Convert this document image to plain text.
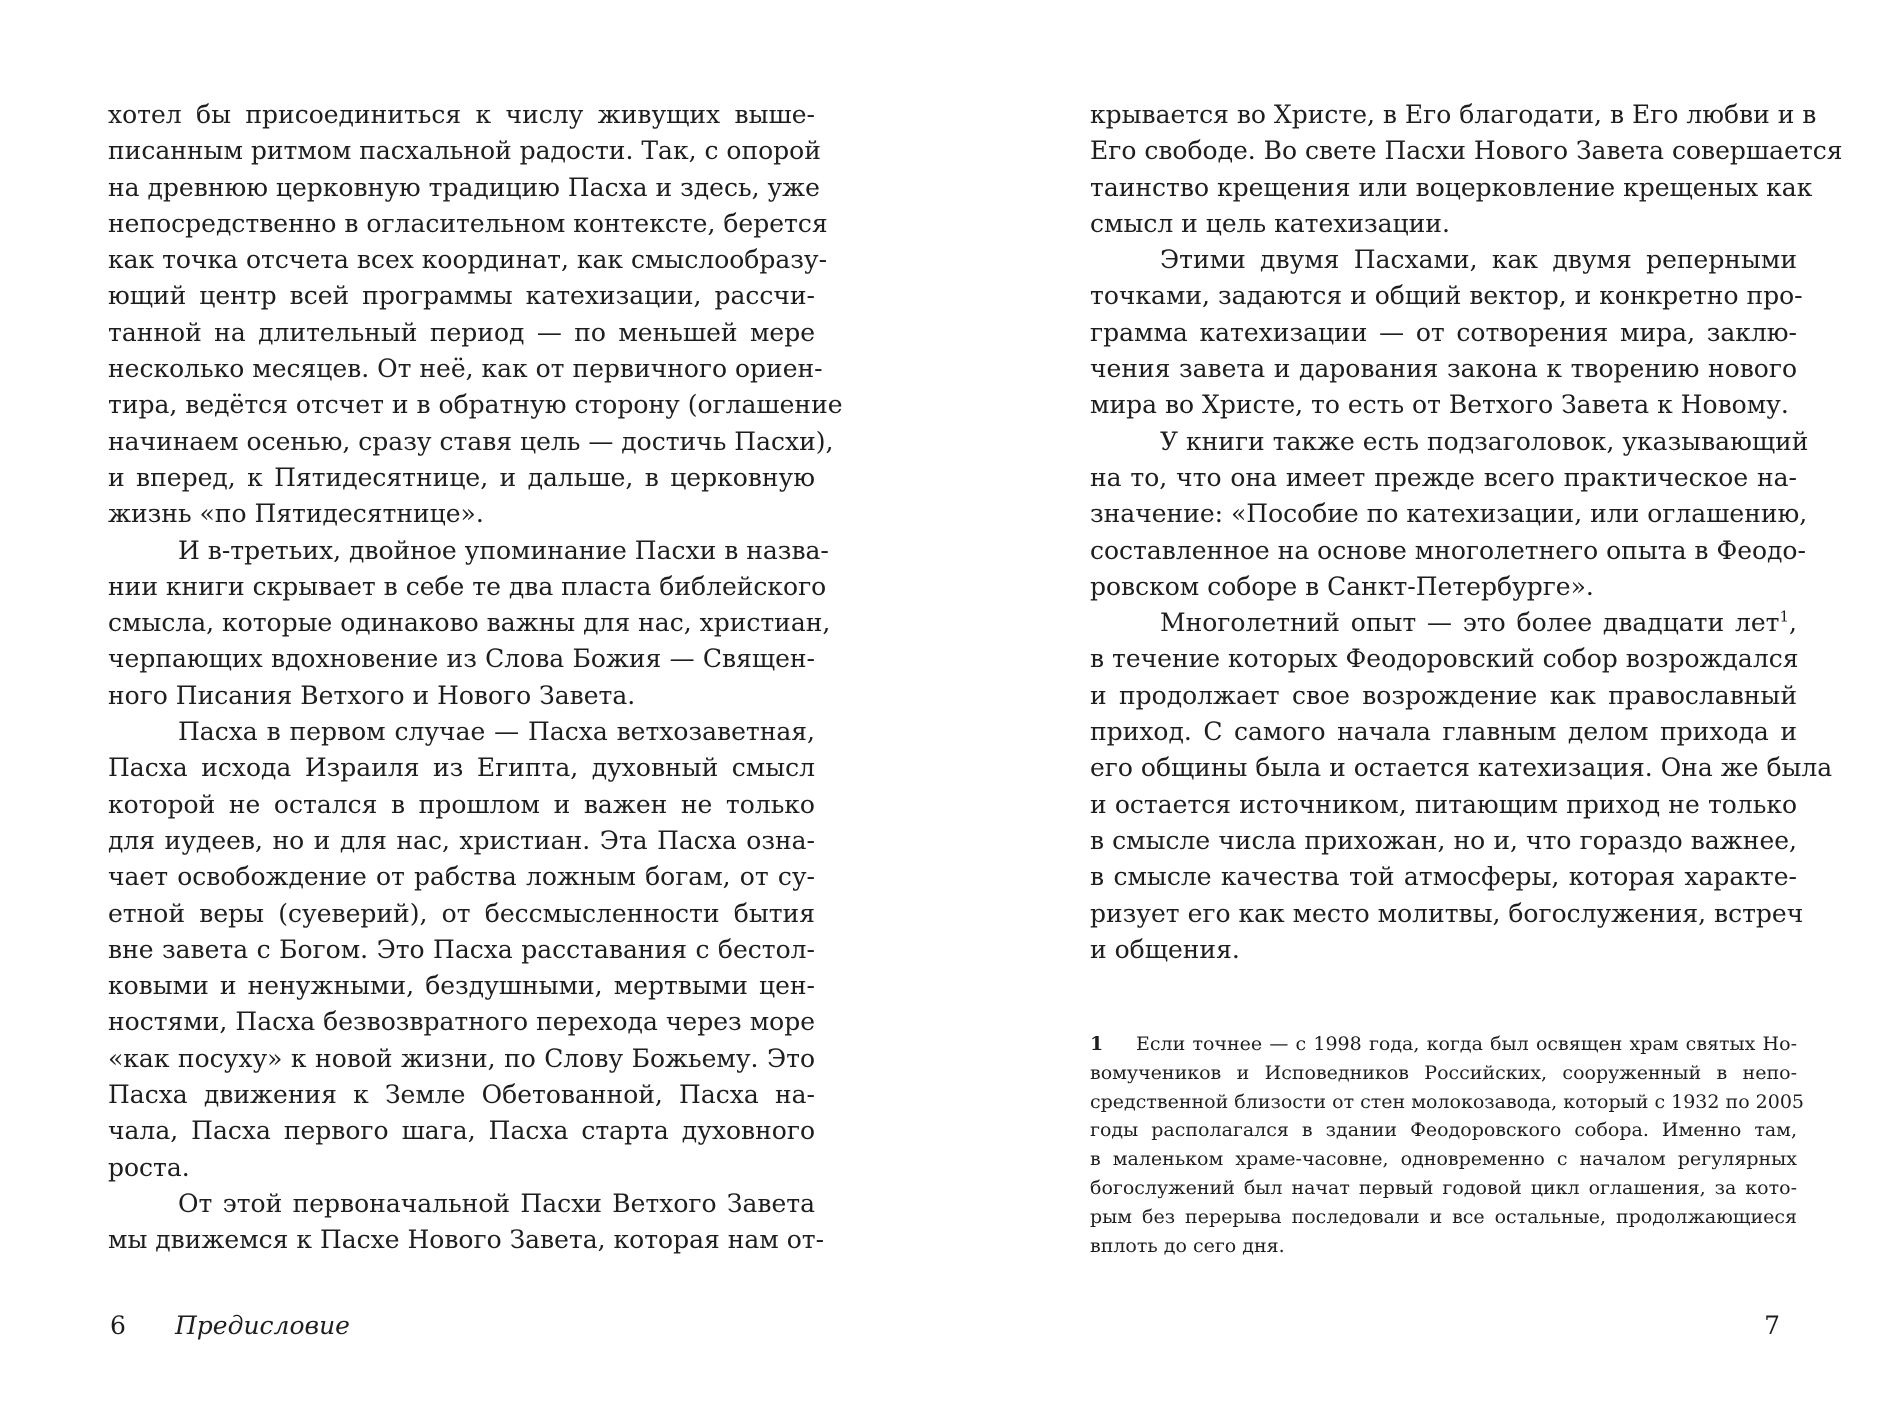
хотел бы присоединиться к числу живущих выше-
писанным ритмом пасхальной радости. Так, с опорой
на древнюю церковную традицию Пасха и здесь, уже
непосредственно в огласительном контексте, берется
как точка отсчета всех координат, как смыслообразу-
ющий центр всей программы катехизации, рассчи-
танной на длительный период — по меньшей мере
несколько месяцев. От неё, как от первичного ориен-
тира, ведётся отсчет и в обратную сторону (оглашение
начинаем осенью, сразу ставя цель — достичь Пасхи),
и вперед, к Пятидесятнице, и дальше, в церковную
жизнь «по Пятидесятнице».
И в-третьих, двойное упоминание Пасхи в назва-
нии книги скрывает в себе те два пласта библейского
смысла, которые одинаково важны для нас, христиан,
черпающих вдохновение из Слова Божия — Священ-
ного Писания Ветхого и Нового Завета.
Пасха в первом случае — Пасха ветхозаветная,
Пасха исхода Израиля из Египта, духовный смысл
которой не остался в прошлом и важен не только
для иудеев, но и для нас, христиан. Эта Пасха озна-
чает освобождение от рабства ложным богам, от су-
етной веры (суеверий), от бессмысленности бытия
вне завета с Богом. Это Пасха расставания с бестол-
ковыми и ненужными, бездушными, мертвыми цен-
ностями, Пасха безвозвратного перехода через море
«как посуху» к новой жизни, по Слову Божьему. Это
Пасха движения к Земле Обетованной, Пасха на-
чала, Пасха первого шага, Пасха старта духовного
роста.
От этой первоначальной Пасхи Ветхого Завета
мы движемся к Пасхе Нового Завета, которая нам от-
6 Предисловие
крывается во Христе, в Его благодати, в Его любви и в
Его свободе. Во свете Пасхи Нового Завета совершается
таинство крещения или воцерковление крещеных как
смысл и цель катехизации.
Этими двумя Пасхами, как двумя реперными
точками, задаются и общий вектор, и конкретно про-
грамма катехизации — от сотворения мира, заклю-
чения завета и дарования закона к творению нового
мира во Христе, то есть от Ветхого Завета к Новому.
У книги также есть подзаголовок, указывающий
на то, что она имеет прежде всего практическое на-
значение: «Пособие по катехизации, или оглашению,
составленное на основе многолетнего опыта в Феодо-
ровском соборе в Санкт-Петербурге».
Многолетний опыт — это более двадцати лет$^1$,
в течение которых Феодоровский собор возрождался
и продолжает свое возрождение как православный
приход. С самого начала главным делом прихода и
его общины была и остается катехизация. Она же была
и остается источником, питающим приход не только
в смысле числа прихожан, но и, что гораздо важнее,
в смысле качества той атмосферы, которая характе-
ризует его как место молитвы, богослужения, встреч
и общения.
1	Если точнее — с 1998 года, когда был освящен храм святых Но-
вомучеников и Исповедников Российских, сооруженный в непо-
средственной близости от стен молокозавода, который с 1932 по 2005
годы располагался в здании Феодоровского собора. Именно там,
в маленьком храме-часовне, одновременно с началом регулярных
богослужений был начат первый годовой цикл оглашения, за кото-
рым без перерыва последовали и все остальные, продолжающиеся
вплоть до сего дня.
7
